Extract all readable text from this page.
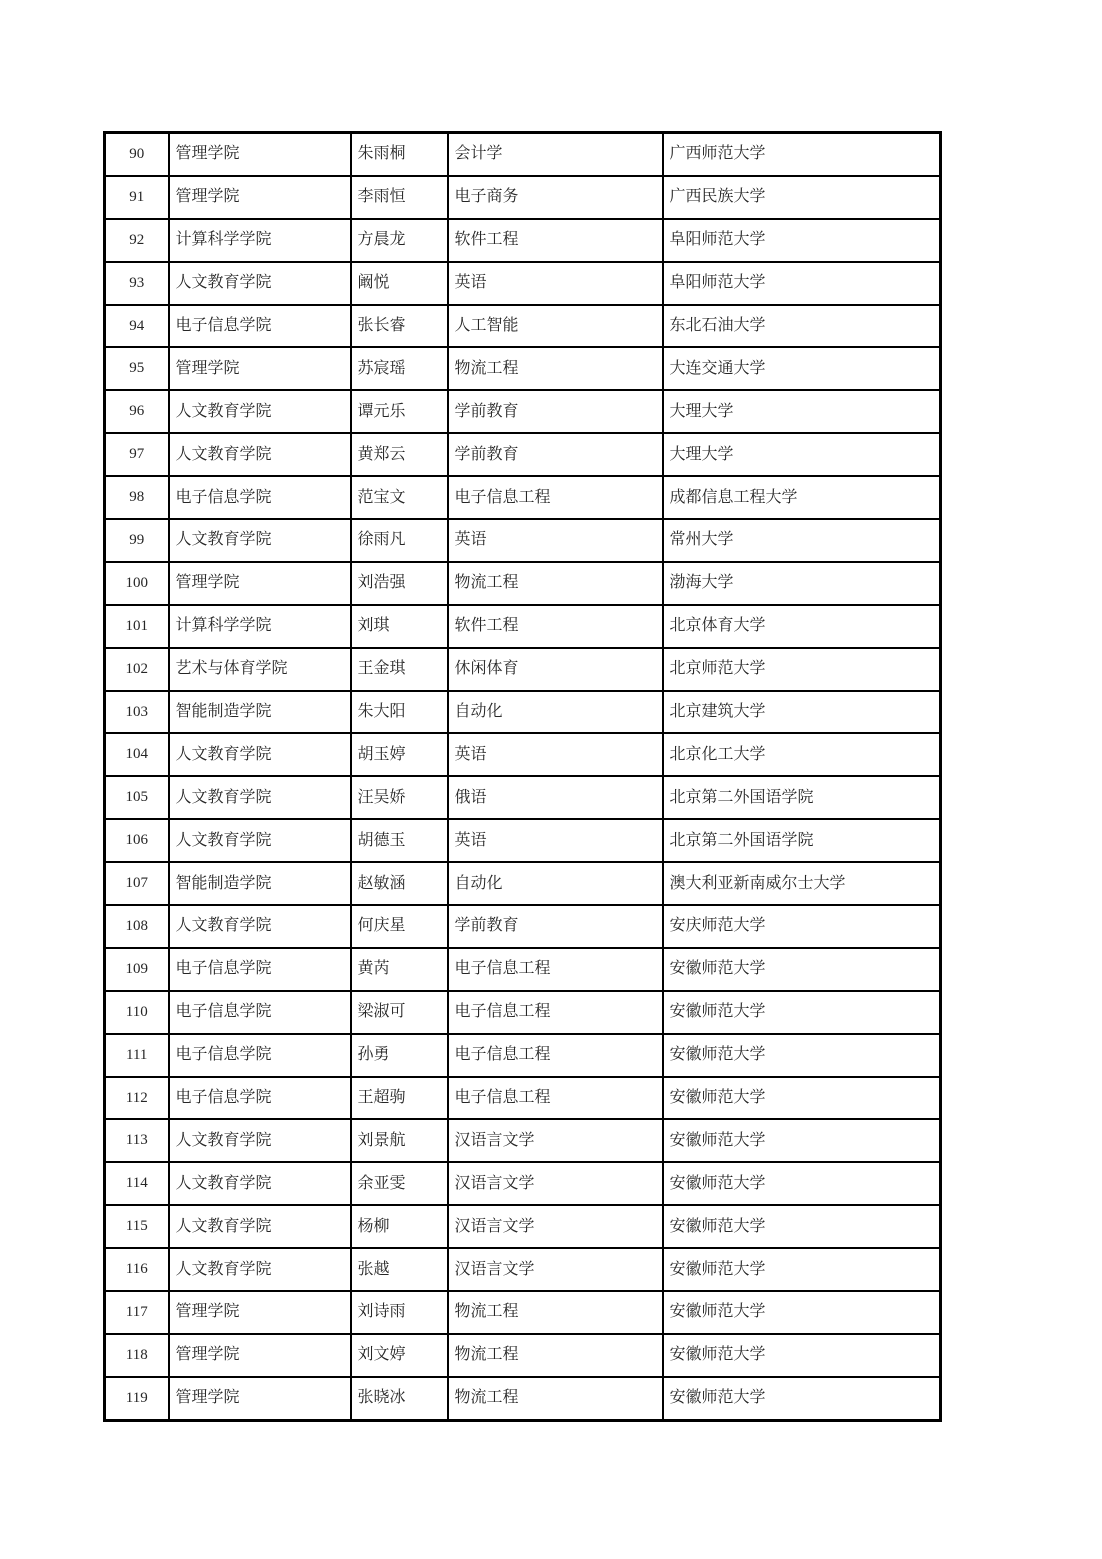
90	管理学院	朱雨桐	会计学	广西师范大学
91	管理学院	李雨恒	电子商务	广西民族大学
92	计算科学学院	方晨龙	软件工程	阜阳师范大学
93	人文教育学院	阚悦	英语	阜阳师范大学
94	电子信息学院	张长睿	人工智能	东北石油大学
95	管理学院	苏宸瑶	物流工程	大连交通大学
96	人文教育学院	谭元乐	学前教育	大理大学
97	人文教育学院	黄郑云	学前教育	大理大学
98	电子信息学院	范宝文	电子信息工程	成都信息工程大学
99	人文教育学院	徐雨凡	英语	常州大学
100	管理学院	刘浩强	物流工程	渤海大学
101	计算科学学院	刘琪	软件工程	北京体育大学
102	艺术与体育学院	王金琪	休闲体育	北京师范大学
103	智能制造学院	朱大阳	自动化	北京建筑大学
104	人文教育学院	胡玉婷	英语	北京化工大学
105	人文教育学院	汪吴娇	俄语	北京第二外国语学院
106	人文教育学院	胡德玉	英语	北京第二外国语学院
107	智能制造学院	赵敏涵	自动化	澳大利亚新南威尔士大学
108	人文教育学院	何庆星	学前教育	安庆师范大学
109	电子信息学院	黄芮	电子信息工程	安徽师范大学
110	电子信息学院	梁淑可	电子信息工程	安徽师范大学
111	电子信息学院	孙勇	电子信息工程	安徽师范大学
112	电子信息学院	王超驹	电子信息工程	安徽师范大学
113	人文教育学院	刘景航	汉语言文学	安徽师范大学
114	人文教育学院	余亚雯	汉语言文学	安徽师范大学
115	人文教育学院	杨柳	汉语言文学	安徽师范大学
116	人文教育学院	张越	汉语言文学	安徽师范大学
117	管理学院	刘诗雨	物流工程	安徽师范大学
118	管理学院	刘文婷	物流工程	安徽师范大学
119	管理学院	张晓冰	物流工程	安徽师范大学
